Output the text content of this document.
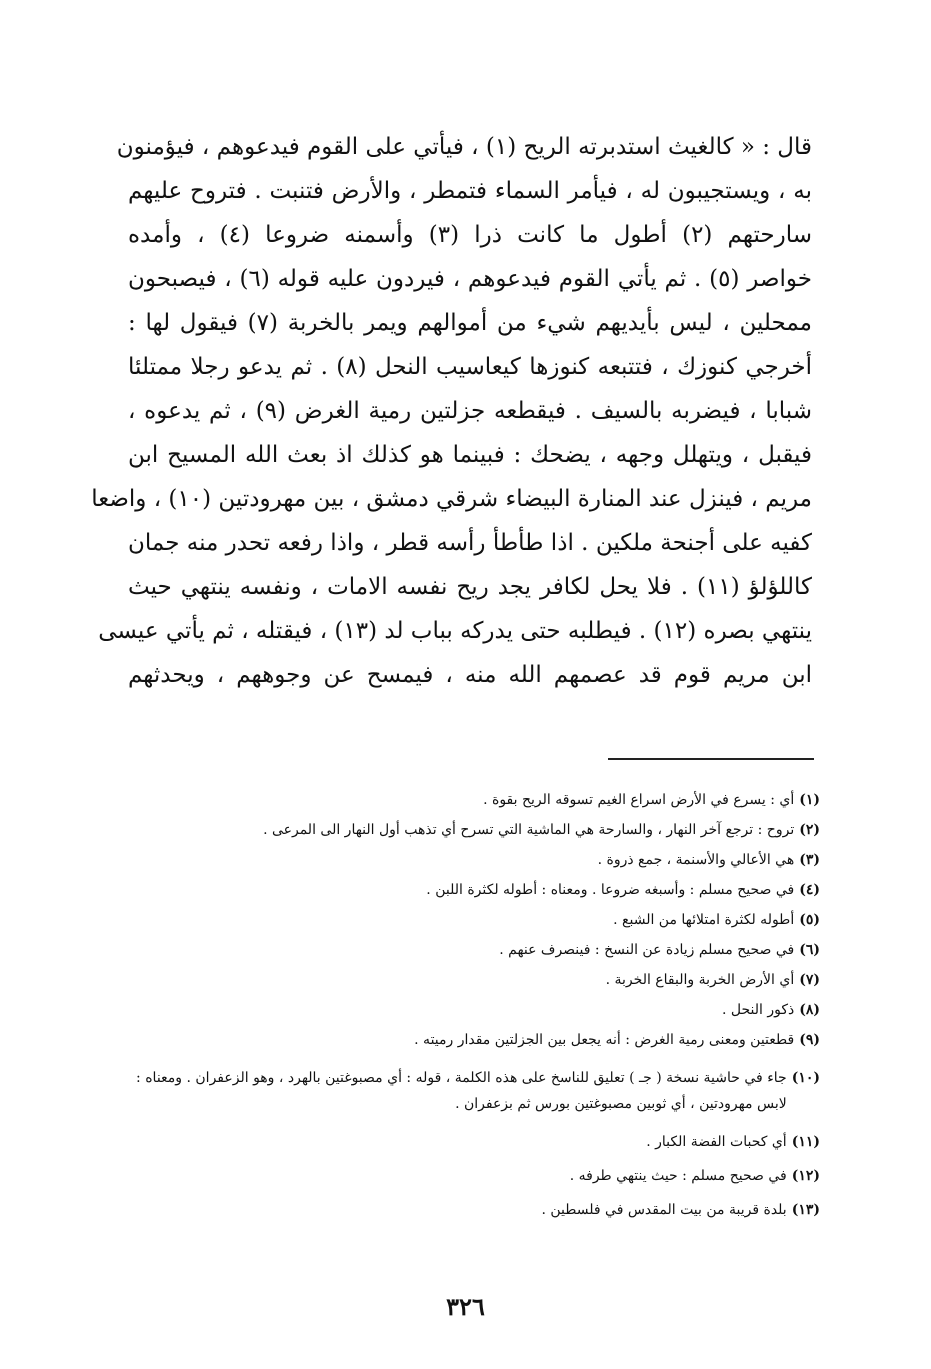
قال : « كالغيث استدبرته الريح (١) ، فيأتي على القوم فيدعوهم ، فيؤمنون
به ، ويستجيبون له ، فيأمر السماء فتمطر ، والأرض فتنبت . فتروح عليهم
سارحتهم (٢) أطول ما كانت ذرا (٣) وأسمنه ضروعا (٤) ، وأمده
خواصر (٥) . ثم يأتي القوم فيدعوهم ، فيردون عليه قوله (٦) ، فيصبحون
ممحلين ، ليس بأيديهم شيء من أموالهم ويمر بالخربة (٧) فيقول لها :
أخرجي كنوزك ، فتتبعه كنوزها كيعاسيب النحل (٨) . ثم يدعو رجلا ممتلئا
شبابا ، فيضربه بالسيف . فيقطعه جزلتين رمية الغرض (٩) ، ثم يدعوه ،
فيقبل ، ويتهلل وجهه ، يضحك : فبينما هو كذلك اذ بعث الله المسيح ابن
مريم ، فينزل عند المنارة البيضاء شرقي دمشق ، بين مهرودتين (١٠) ، واضعا
كفيه على أجنحة ملكين . اذا طأطأ رأسه قطر ، واذا رفعه تحدر منه جمان
كاللؤلؤ (١١) . فلا يحل لكافر يجد ريح نفسه الامات ، ونفسه ينتهي حيث
ينتهي بصره (١٢) . فيطلبه حتى يدركه بباب لد (١٣) ، فيقتله ، ثم يأتي عيسى
ابن مريم قوم قد عصمهم الله منه ، فيمسح عن وجوههم ، ويحدثهم
(١)
أي : يسرع في الأرض اسراع الغيم تسوقه الريح بقوة .
(٢)
تروح : ترجع آخر النهار ، والسارحة هي الماشية التي تسرح أي تذهب أول النهار الى المرعى .
(٣)
هي الأعالي والأسنمة ، جمع ذروة .
(٤)
في صحيح مسلم : وأسبغه ضروعا . ومعناه : أطوله لكثرة اللبن .
(٥)
أطوله لكثرة امتلائها من الشبع .
(٦)
في صحيح مسلم زيادة عن النسخ : فينصرف عنهم .
(٧)
أي الأرض الخربة والبقاع الخربة .
(٨)
ذكور النحل .
(٩)
قطعتين ومعنى رمية الغرض : أنه يجعل بين الجزلتين مقدار رميته .
(١٠)
جاء في حاشية نسخة ( جـ ) تعليق للناسخ على هذه الكلمة ، قوله : أي مصبوغتين بالهرد ، وهو الزعفران . ومعناه : لابس مهرودتين ، أي ثوبين مصبوغتين بورس ثم بزعفران .
(١١)
أي كحبات الفضة الكبار .
(١٢)
في صحيح مسلم : حيث ينتهي طرفه .
(١٣)
بلدة قريبة من بيت المقدس في فلسطين .
٣٢٦
